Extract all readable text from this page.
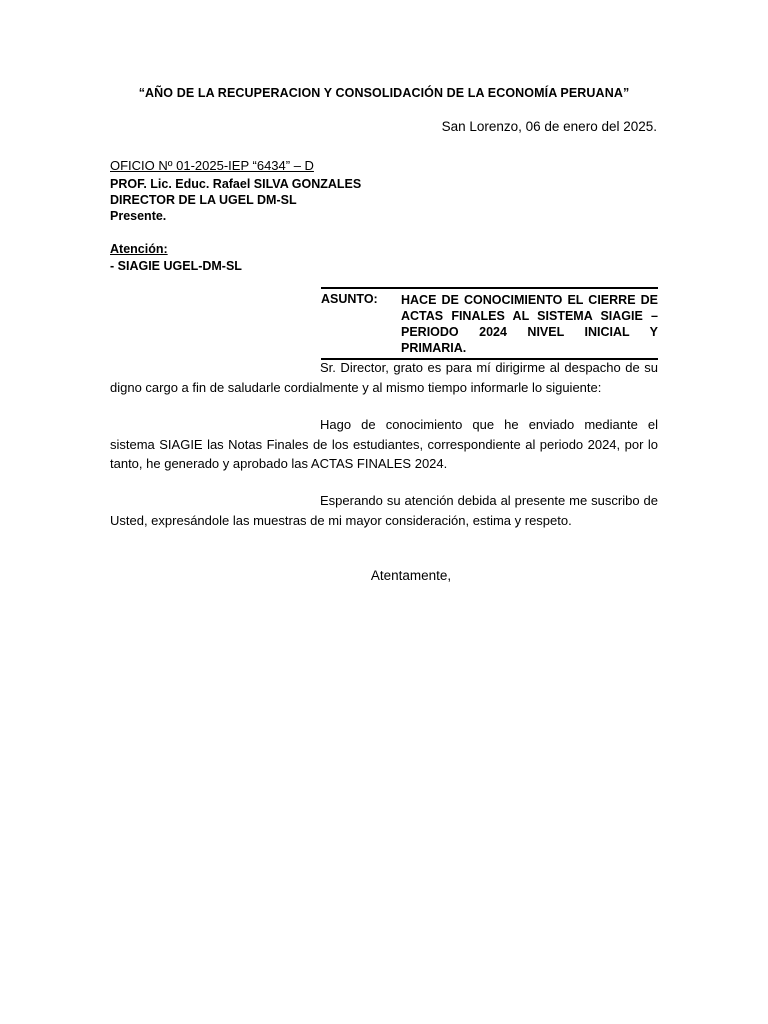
“AÑO DE LA RECUPERACION Y CONSOLIDACIÓN DE LA ECONOMÍA PERUANA”
San Lorenzo, 06 de enero del 2025.
OFICIO Nº 01-2025-IEP “6434” – D
PROF. Lic. Educ. Rafael SILVA GONZALES
DIRECTOR DE LA UGEL DM-SL
Presente.
Atención:
- SIAGIE UGEL-DM-SL
ASUNTO: HACE DE CONOCIMIENTO EL CIERRE DE ACTAS FINALES AL SISTEMA SIAGIE – PERIODO 2024 NIVEL INICIAL Y PRIMARIA.
Sr. Director, grato es para mí dirigirme al despacho de su digno cargo a fin de saludarle cordialmente y al mismo tiempo informarle lo siguiente:
Hago de conocimiento que he enviado mediante el sistema SIAGIE las Notas Finales de los estudiantes, correspondiente al periodo 2024, por lo tanto, he generado y aprobado las ACTAS FINALES 2024.
Esperando su atención debida al presente me suscribo de Usted, expresándole las muestras de mi mayor consideración, estima y respeto.
Atentamente,
